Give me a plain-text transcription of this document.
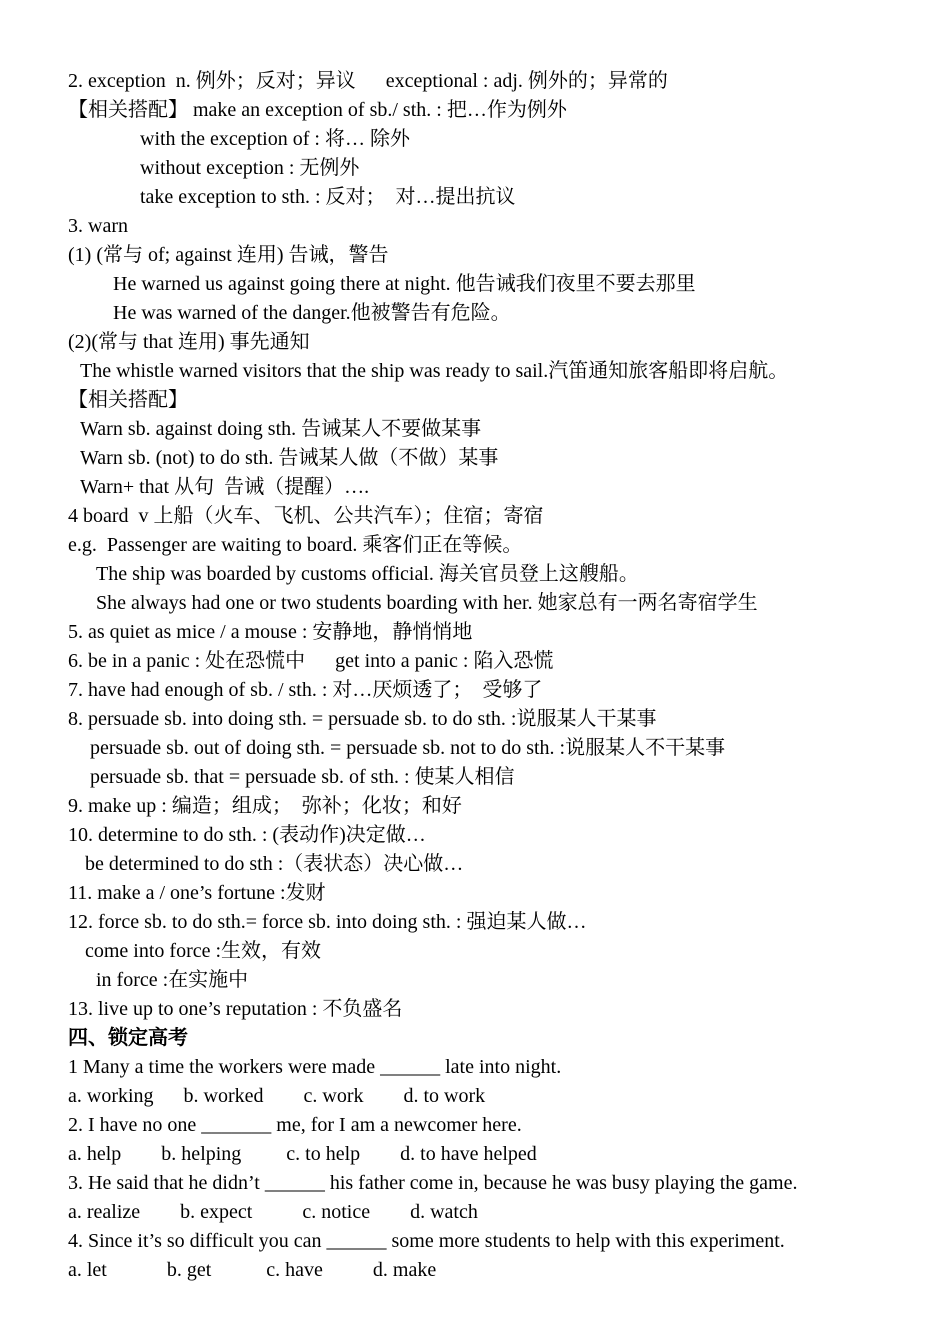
2. exception  n. 例外；反对；异议      exceptional : adj. 例外的；异常的
【相关搭配】 make an exception of sb./ sth. : 把…作为例外
with the exception of : 将… 除外
without exception : 无例外
take exception to sth. : 反对；  对…提出抗议
3. warn
(1) (常与 of; against 连用) 告诫，警告
He warned us against going there at night. 他告诫我们夜里不要去那里
He was warned of the danger.他被警告有危险。
(2)(常与 that 连用) 事先通知
The whistle warned visitors that the ship was ready to sail.汽笛通知旅客船即将启航。
【相关搭配】
Warn sb. against doing sth. 告诫某人不要做某事
Warn sb. (not) to do sth. 告诫某人做（不做）某事
Warn+ that 从句  告诫（提醒）….
4 board  v 上船（火车、飞机、公共汽车）；住宿；寄宿
e.g.  Passenger are waiting to board. 乘客们正在等候。
The ship was boarded by customs official. 海关官员登上这艘船。
She always had one or two students boarding with her. 她家总有一两名寄宿学生
5. as quiet as mice / a mouse : 安静地，静悄悄地
6. be in a panic : 处在恐慌中      get into a panic : 陷入恐慌
7. have had enough of sb. / sth. : 对…厌烦透了；  受够了
8. persuade sb. into doing sth. = persuade sb. to do sth. :说服某人干某事
persuade sb. out of doing sth. = persuade sb. not to do sth. :说服某人不干某事
persuade sb. that = persuade sb. of sth. : 使某人相信
9. make up : 编造；组成；  弥补；化妆；和好
10. determine to do sth. : (表动作)决定做…
be determined to do sth :（表状态）决心做…
11. make a / one’s fortune :发财
12. force sb. to do sth.= force sb. into doing sth. : 强迫某人做…
come into force :生效，有效
in force :在实施中
13. live up to one’s reputation : 不负盛名
四、锁定高考
1 Many a time the workers were made ______ late into night.
a. working      b. worked        c. work        d. to work
2. I have no one _______ me, for I am a newcomer here.
a. help        b. helping         c. to help        d. to have helped
3. He said that he didn’t ______ his father come in, because he was busy playing the game.
a. realize        b. expect          c. notice        d. watch
4. Since it’s so difficult you can ______ some more students to help with this experiment.
a. let            b. get           c. have          d. make
